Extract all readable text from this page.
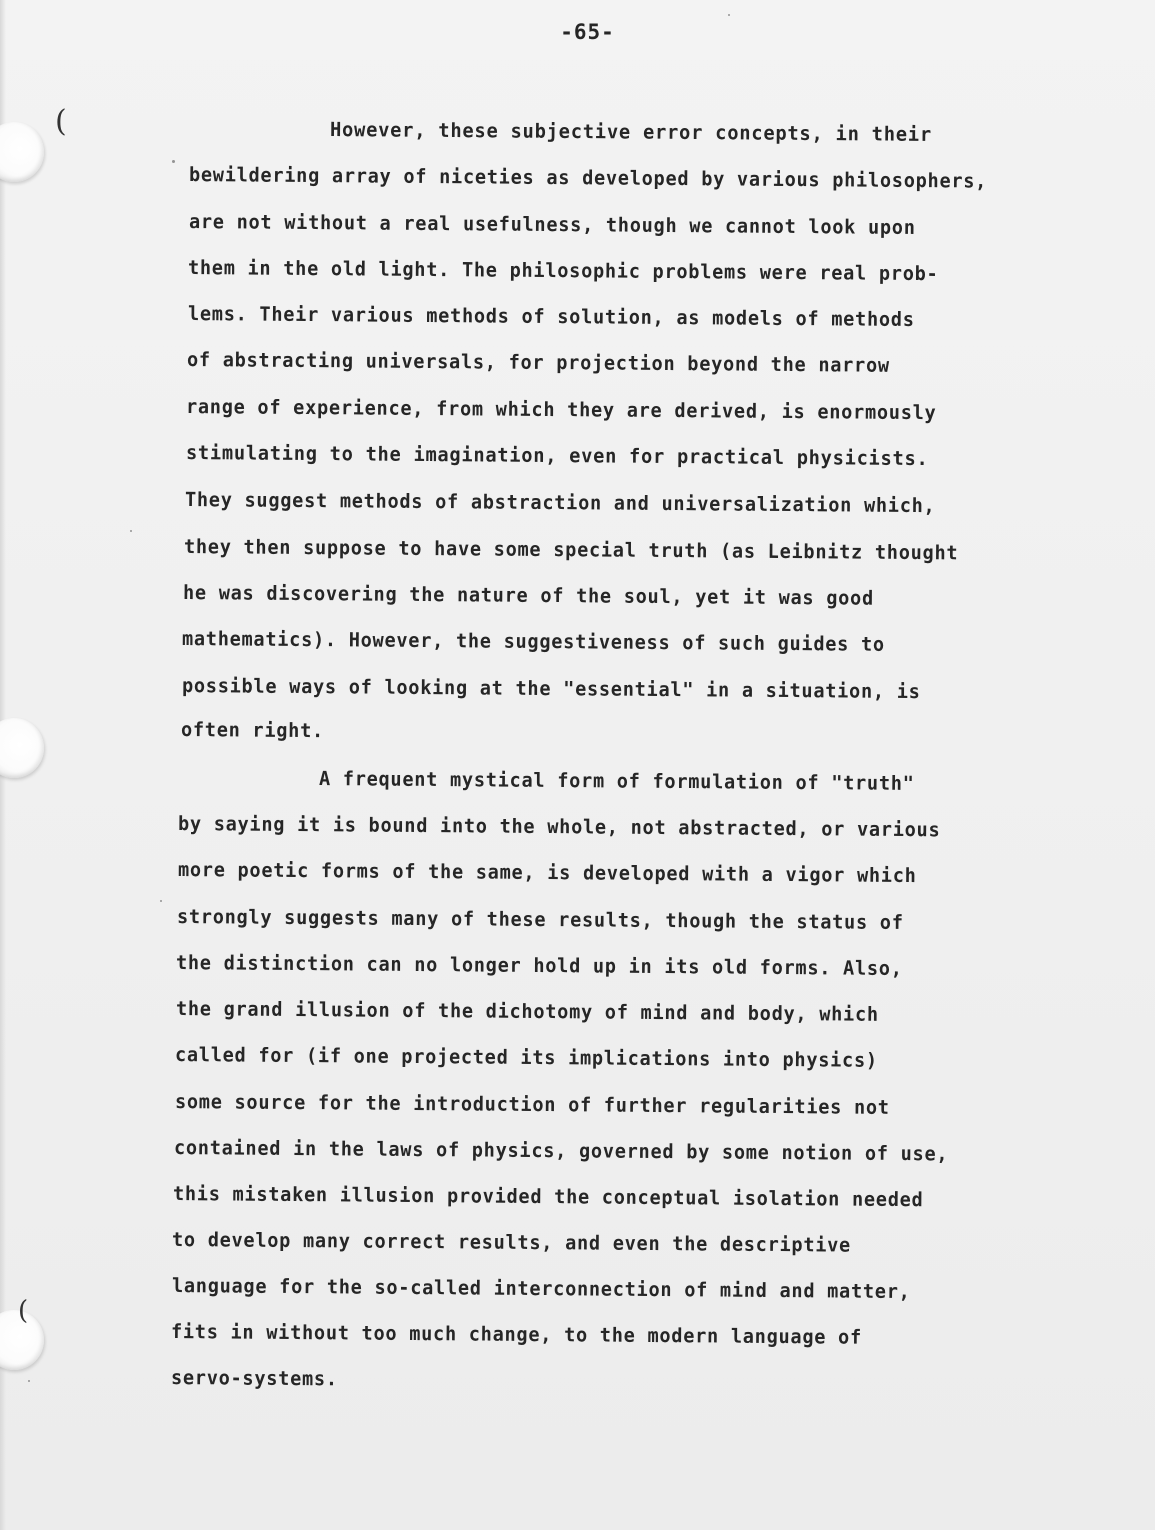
(
(
-65-
However, these subjective error concepts, in their
bewildering array of niceties as developed by various philosophers,
are not without a real usefulness, though we cannot look upon
them in the old light. The philosophic problems were real prob-
lems. Their various methods of solution, as models of methods
of abstracting universals, for projection beyond the narrow
range of experience, from which they are derived, is enormously
stimulating to the imagination, even for practical physicists.
They suggest methods of abstraction and universalization which,
they then suppose to have some special truth (as Leibnitz thought
he was discovering the nature of the soul, yet it was good
mathematics). However, the suggestiveness of such guides to
possible ways of looking at the "essential" in a situation, is
often right.
A frequent mystical form of formulation of "truth"
by saying it is bound into the whole, not abstracted, or various
more poetic forms of the same, is developed with a vigor which
strongly suggests many of these results, though the status of
the distinction can no longer hold up in its old forms. Also,
the grand illusion of the dichotomy of mind and body, which
called for (if one projected its implications into physics)
some source for the introduction of further regularities not
contained in the laws of physics, governed by some notion of use,
this mistaken illusion provided the conceptual isolation needed
to develop many correct results, and even the descriptive
language for the so-called interconnection of mind and matter,
fits in without too much change, to the modern language of
servo-systems.
